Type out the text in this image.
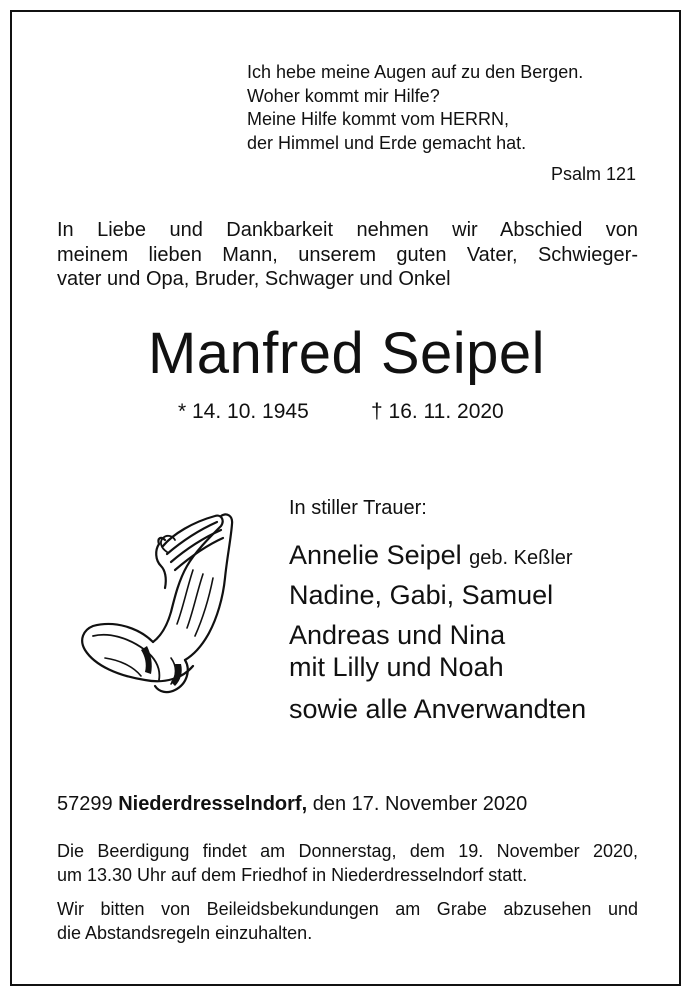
Ich hebe meine Augen auf zu den Bergen.
Woher kommt mir Hilfe?
Meine Hilfe kommt vom HERRN,
der Himmel und Erde gemacht hat.
Psalm 121
In Liebe und Dankbarkeit nehmen wir Abschied von
meinem lieben Mann, unserem guten Vater, Schwieger-
vater und Opa, Bruder, Schwager und Onkel
Manfred Seipel
* 14. 10. 1945	† 16. 11. 2020
In stiller Trauer:
Annelie Seipel geb. Keßler
Nadine, Gabi, Samuel
Andreas und Nina
mit Lilly und Noah
sowie alle Anverwandten
57299 Niederdresselndorf, den 17. November 2020
Die Beerdigung findet am Donnerstag, dem 19. November 2020,
um 13.30 Uhr auf dem Friedhof in Niederdresselndorf statt.
Wir bitten von Beileidsbekundungen am Grabe abzusehen und
die Abstandsregeln einzuhalten.
